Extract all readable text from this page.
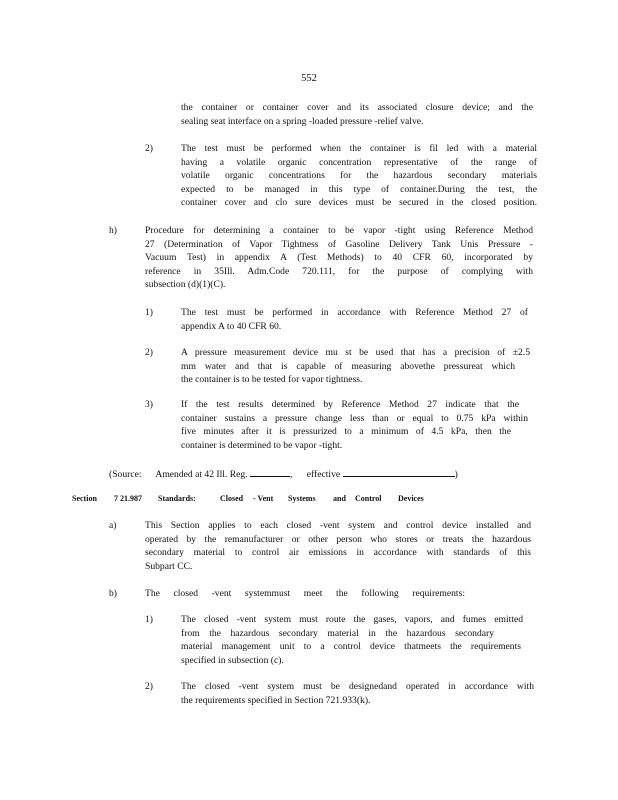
552
the container or container cover and its associated closure device; and the
sealing seat interface on a spring -loaded pressure -relief valve.
2)	The test must be performed when the container is fil led with a material
having a volatile organic concentration representative of the range of
volatile organic concentrations for the hazardous secondary materials
expected to be managed in this type of container.During the test, the
container cover and clo sure devices must be secured in the closed position.
h)	Procedure for determining a container to be vapor -tight using Reference Method
27 (Determination of Vapor Tightness of Gasoline Delivery Tank Unis Pressure -
Vacuum Test) in appendix A (Test Methods) to 40 CFR 60, incorporated by
reference in 35Ill. Adm.Code 720.111, for the purpose of complying with
subsection (d)(1)(C).
1)	The test must be performed in accordance with Reference Method 27 of
appendix A to 40 CFR 60.
2)	A pressure measurement device mu st be used that has a precision of ±2.5
mm water and that is capable of measuring abovethe pressureat which
the container is to be tested for vapor tightness.
3)	If the test results determined by Reference Method 27 indicate that the
container sustains a pressure change less than or equal to 0.75 kPa within
five minutes after it is pressurized to a minimum of 4.5 kPa, then the
container is determined to be vapor -tight.
(Source: Amended at 42 Ill. Reg.	, effective	)
Section 7 21.987 Standards:	Closed - Vent Systems and Control Devices
a)	This Section applies to each closed -vent system and control device installed and
operated by the remanufacturer or other person who stores or treats the hazardous
secondary material to control air emissions in accordance with standards of this
Subpart CC.
b)	The closed -vent systemmust meet the following requirements:
1)	The closed -vent system must route the gases, vapors, and fumes emitted
from the hazardous secondary material in the hazardous secondary
material management unit to a control device thatmeets the requirements
specified in subsection (c).
2)	The closed -vent system must be designedand operated in accordance with
the requirements specified in Section 721.933(k).
